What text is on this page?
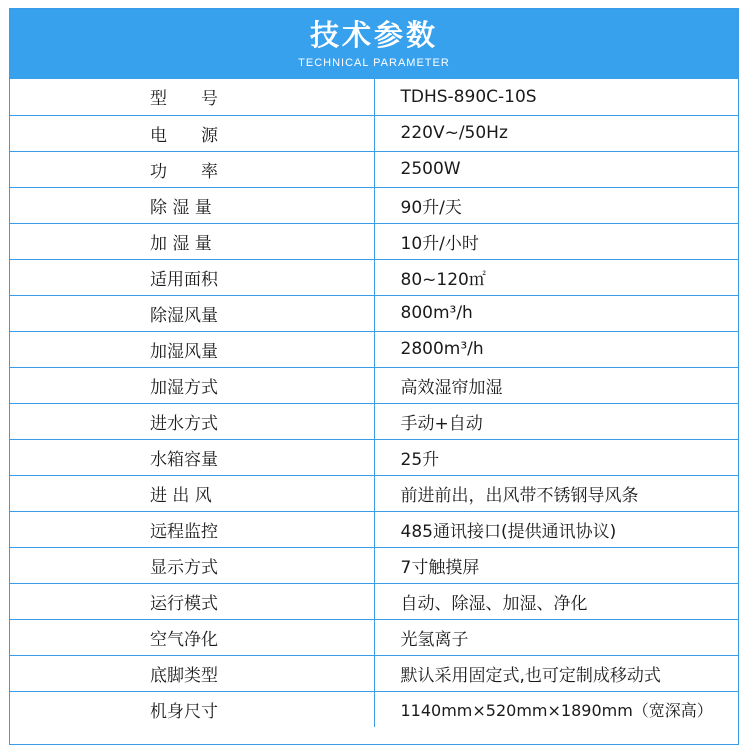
技术参数
TECHNICAL PARAMETER
型　　号	TDHS-890C-10S
电　　源	220V~/50Hz
功　　率	2500W
除 湿 量	90升/天
加 湿 量	10升/小时
适用面积	80~120㎡
除湿风量	800m³/h
加湿风量	2800m³/h
加湿方式	高效湿帘加湿
进水方式	手动+自动
水箱容量	25升
进 出 风	前进前出，出风带不锈钢导风条
远程监控	485通讯接口(提供通讯协议)
显示方式	7寸触摸屏
运行模式	自动、除湿、加湿、净化
空气净化	光氢离子
底脚类型	默认采用固定式,也可定制成移动式
机身尺寸	1140mm×520mm×1890mm（宽深高）
